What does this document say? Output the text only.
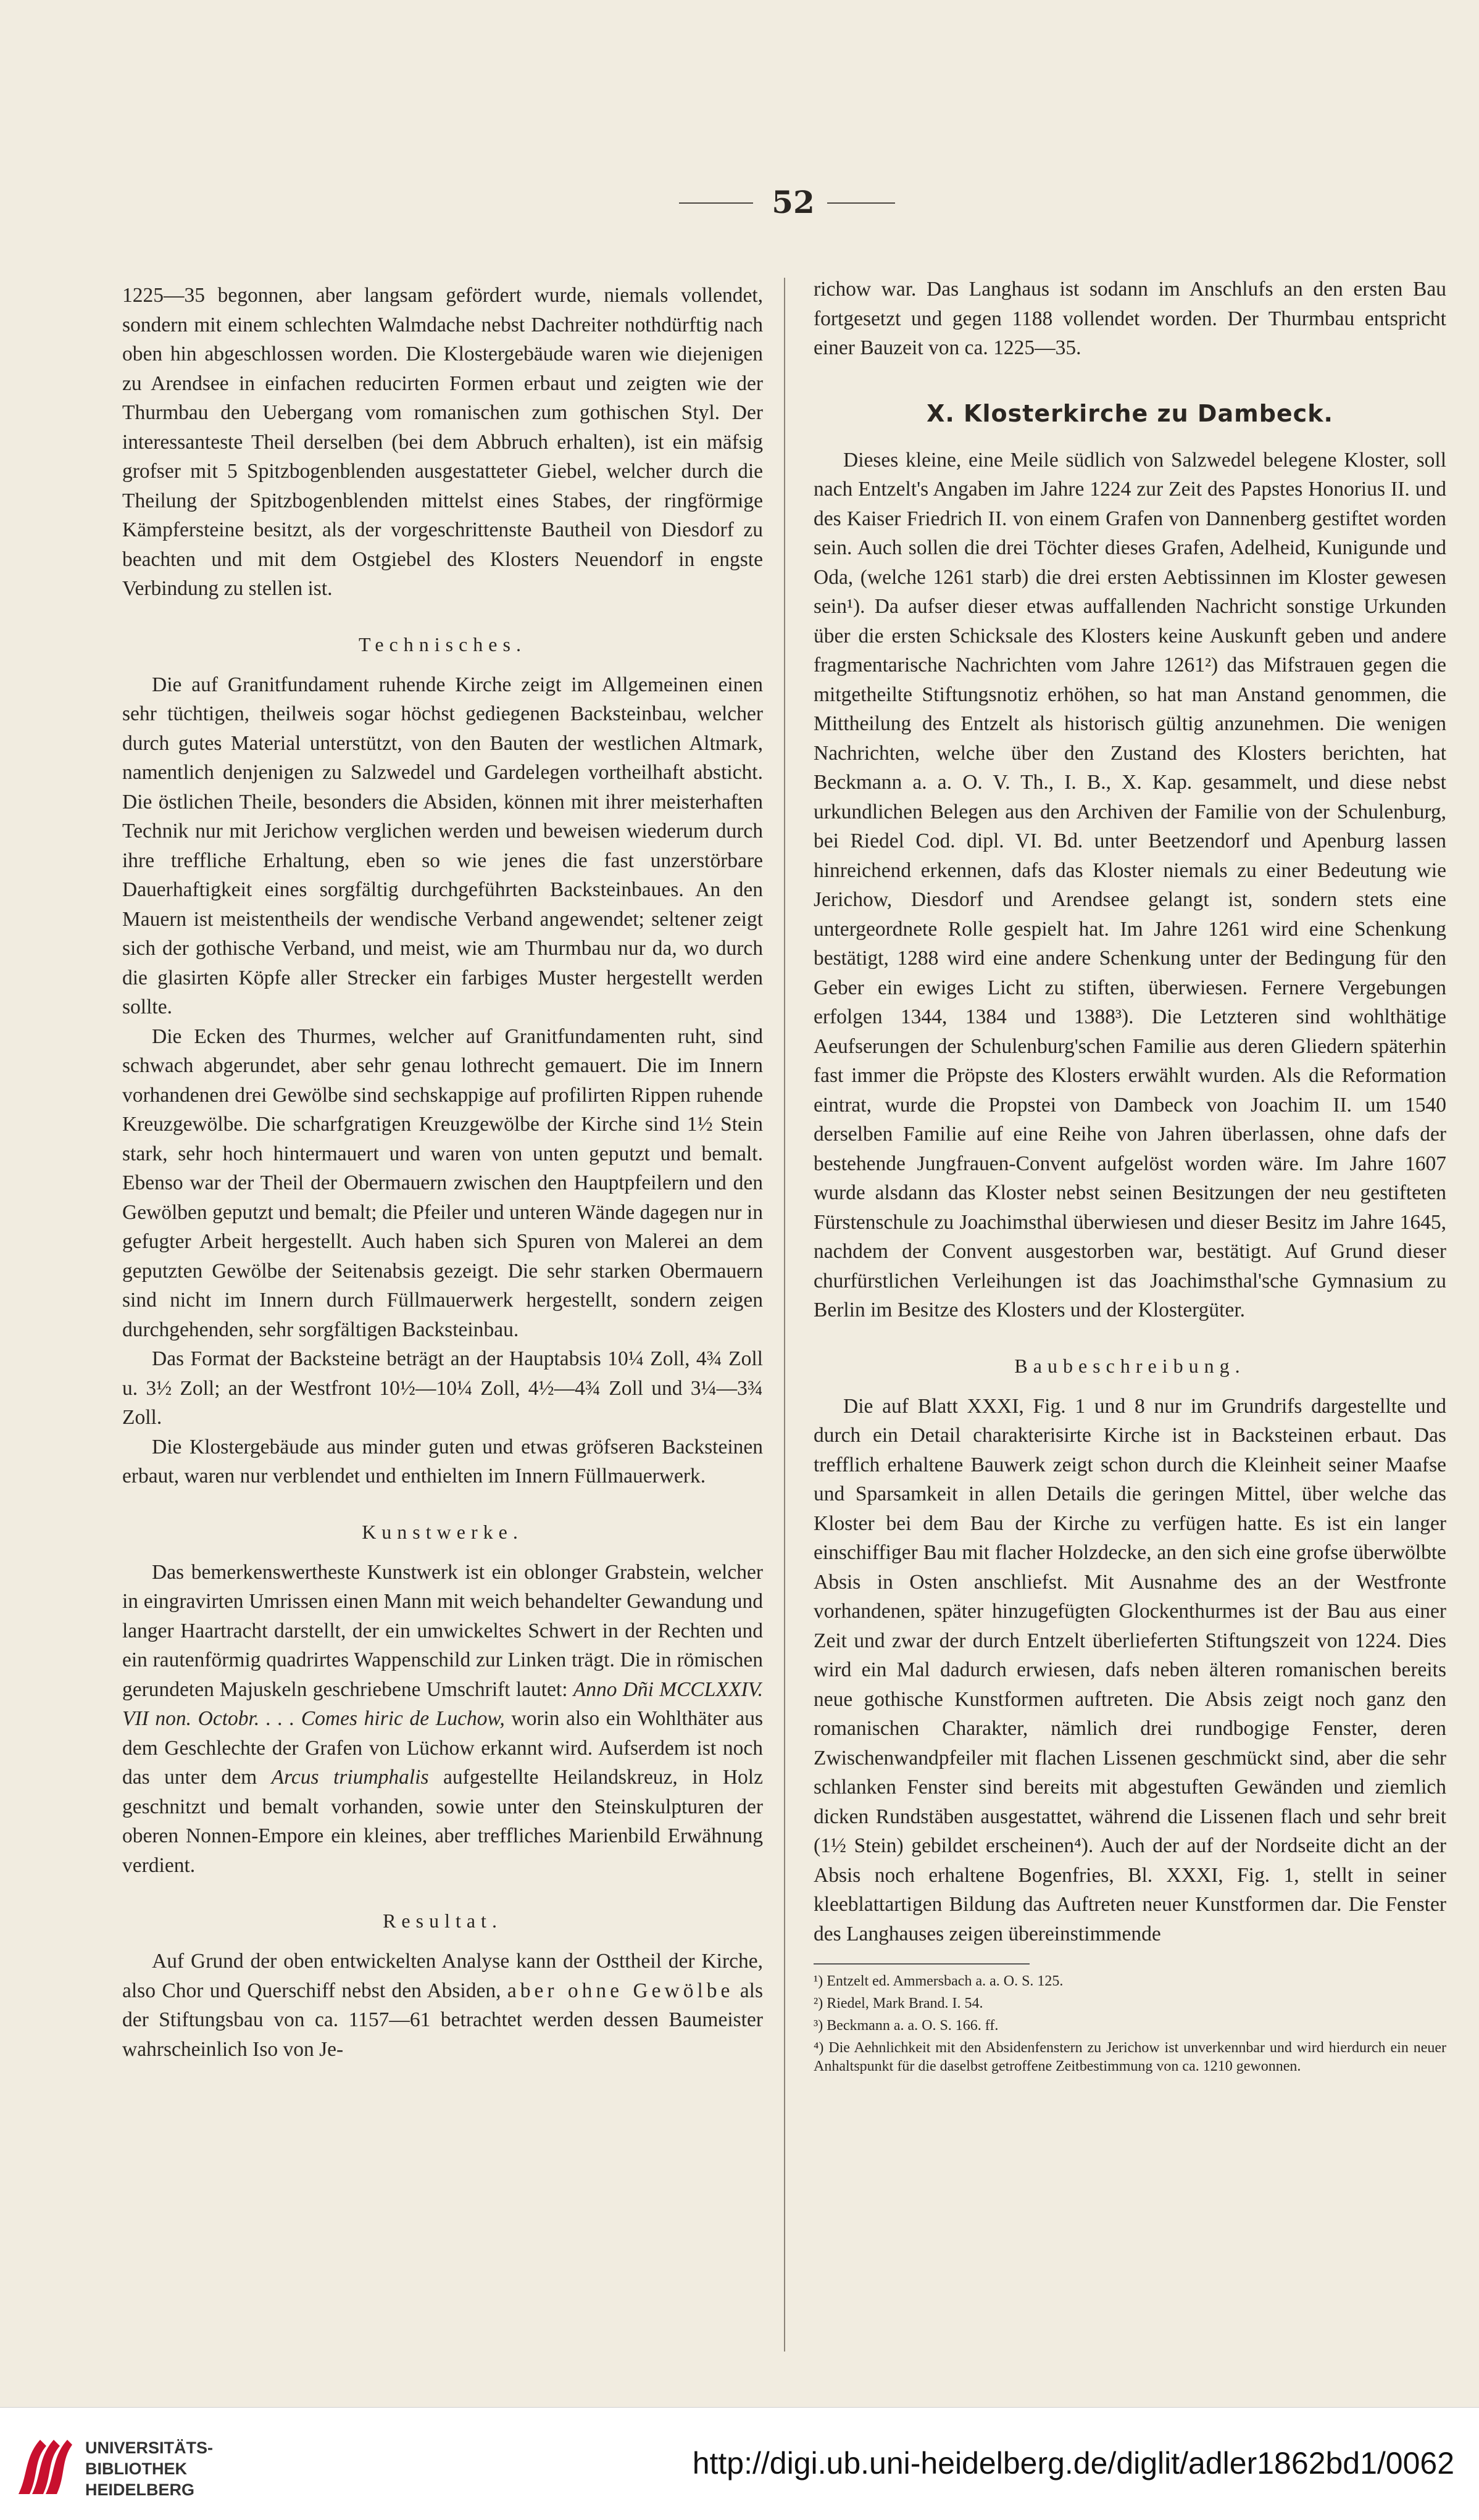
52

1225—35 begonnen, aber langsam gefördert wurde, niemals vollendet, sondern mit einem schlechten Walmdache nebst Dachreiter nothdürftig nach oben hin abgeschlossen worden. Die Klostergebäude waren wie diejenigen zu Arendsee in einfachen reducirten Formen erbaut und zeigten wie der Thurmbau den Uebergang vom romanischen zum gothischen Styl. Der interessanteste Theil derselben (bei dem Abbruch erhalten), ist ein mäfsig grofser mit 5 Spitzbogenblenden ausgestatteter Giebel, welcher durch die Theilung der Spitzbogenblenden mittelst eines Stabes, der ringförmige Kämpfersteine besitzt, als der vorgeschrittenste Bautheil von Diesdorf zu beachten und mit dem Ostgiebel des Klosters Neuendorf in engste Verbindung zu stellen ist.

Technisches.

Die auf Granitfundament ruhende Kirche zeigt im Allgemeinen einen sehr tüchtigen, theilweis sogar höchst gediegenen Backsteinbau, welcher durch gutes Material unterstützt, von den Bauten der westlichen Altmark, namentlich denjenigen zu Salzwedel und Gardelegen vortheilhaft absticht. Die östlichen Theile, besonders die Absiden, können mit ihrer meisterhaften Technik nur mit Jerichow verglichen werden und beweisen wiederum durch ihre treffliche Erhaltung, eben so wie jenes die fast unzerstörbare Dauerhaftigkeit eines sorgfältig durchgeführten Backsteinbaues. An den Mauern ist meistentheils der wendische Verband angewendet; seltener zeigt sich der gothische Verband, und meist, wie am Thurmbau nur da, wo durch die glasirten Köpfe aller Strecker ein farbiges Muster hergestellt werden sollte.

Die Ecken des Thurmes, welcher auf Granitfundamenten ruht, sind schwach abgerundet, aber sehr genau lothrecht gemauert. Die im Innern vorhandenen drei Gewölbe sind sechskappige auf profilirten Rippen ruhende Kreuzgewölbe. Die scharfgratigen Kreuzgewölbe der Kirche sind 1½ Stein stark, sehr hoch hintermauert und waren von unten geputzt und bemalt. Ebenso war der Theil der Obermauern zwischen den Hauptpfeilern und den Gewölben geputzt und bemalt; die Pfeiler und unteren Wände dagegen nur in gefugter Arbeit hergestellt. Auch haben sich Spuren von Malerei an dem geputzten Gewölbe der Seitenabsis gezeigt. Die sehr starken Obermauern sind nicht im Innern durch Füllmauerwerk hergestellt, sondern zeigen durchgehenden, sehr sorgfältigen Backsteinbau.

Das Format der Backsteine beträgt an der Hauptabsis 10¼ Zoll, 4¾ Zoll u. 3½ Zoll; an der Westfront 10½—10¼ Zoll, 4½—4¾ Zoll und 3¼—3¾ Zoll.

Die Klostergebäude aus minder guten und etwas gröfseren Backsteinen erbaut, waren nur verblendet und enthielten im Innern Füllmauerwerk.

Kunstwerke.

Das bemerkenswertheste Kunstwerk ist ein oblonger Grabstein, welcher in eingravirten Umrissen einen Mann mit weich behandelter Gewandung und langer Haartracht darstellt, der ein umwickeltes Schwert in der Rechten und ein rautenförmig quadrirtes Wappenschild zur Linken trägt. Die in römischen gerundeten Majuskeln geschriebene Umschrift lautet: Anno Dñi MCCLXXIV. VII non. Octobr. . . . Comes hiric de Luchow, worin also ein Wohlthäter aus dem Geschlechte der Grafen von Lüchow erkannt wird. Aufserdem ist noch das unter dem Arcus triumphalis aufgestellte Heilandskreuz, in Holz geschnitzt und bemalt vorhanden, sowie unter den Steinskulpturen der oberen Nonnen-Empore ein kleines, aber treffliches Marienbild Erwähnung verdient.

Resultat.

Auf Grund der oben entwickelten Analyse kann der Osttheil der Kirche, also Chor und Querschiff nebst den Absiden, aber ohne Gewölbe als der Stiftungsbau von ca. 1157—61 betrachtet werden dessen Baumeister wahrscheinlich Iso von Je-

richow war. Das Langhaus ist sodann im Anschlufs an den ersten Bau fortgesetzt und gegen 1188 vollendet worden. Der Thurmbau entspricht einer Bauzeit von ca. 1225—35.

X. Klosterkirche zu Dambeck.

Dieses kleine, eine Meile südlich von Salzwedel belegene Kloster, soll nach Entzelt's Angaben im Jahre 1224 zur Zeit des Papstes Honorius II. und des Kaiser Friedrich II. von einem Grafen von Dannenberg gestiftet worden sein. Auch sollen die drei Töchter dieses Grafen, Adelheid, Kunigunde und Oda, (welche 1261 starb) die drei ersten Aebtissinnen im Kloster gewesen sein¹). Da aufser dieser etwas auffallenden Nachricht sonstige Urkunden über die ersten Schicksale des Klosters keine Auskunft geben und andere fragmentarische Nachrichten vom Jahre 1261²) das Mifstrauen gegen die mitgetheilte Stiftungsnotiz erhöhen, so hat man Anstand genommen, die Mittheilung des Entzelt als historisch gültig anzunehmen. Die wenigen Nachrichten, welche über den Zustand des Klosters berichten, hat Beckmann a. a. O. V. Th., I. B., X. Kap. gesammelt, und diese nebst urkundlichen Belegen aus den Archiven der Familie von der Schulenburg, bei Riedel Cod. dipl. VI. Bd. unter Beetzendorf und Apenburg lassen hinreichend erkennen, dafs das Kloster niemals zu einer Bedeutung wie Jerichow, Diesdorf und Arendsee gelangt ist, sondern stets eine untergeordnete Rolle gespielt hat. Im Jahre 1261 wird eine Schenkung bestätigt, 1288 wird eine andere Schenkung unter der Bedingung für den Geber ein ewiges Licht zu stiften, überwiesen. Fernere Vergebungen erfolgen 1344, 1384 und 1388³). Die Letzteren sind wohlthätige Aeufserungen der Schulenburg'schen Familie aus deren Gliedern späterhin fast immer die Pröpste des Klosters erwählt wurden. Als die Reformation eintrat, wurde die Propstei von Dambeck von Joachim II. um 1540 derselben Familie auf eine Reihe von Jahren überlassen, ohne dafs der bestehende Jungfrauen-Convent aufgelöst worden wäre. Im Jahre 1607 wurde alsdann das Kloster nebst seinen Besitzungen der neu gestifteten Fürstenschule zu Joachimsthal überwiesen und dieser Besitz im Jahre 1645, nachdem der Convent ausgestorben war, bestätigt. Auf Grund dieser churfürstlichen Verleihungen ist das Joachimsthal'sche Gymnasium zu Berlin im Besitze des Klosters und der Klostergüter.

Baubeschreibung.

Die auf Blatt XXXI, Fig. 1 und 8 nur im Grundrifs dargestellte und durch ein Detail charakterisirte Kirche ist in Backsteinen erbaut. Das trefflich erhaltene Bauwerk zeigt schon durch die Kleinheit seiner Maafse und Sparsamkeit in allen Details die geringen Mittel, über welche das Kloster bei dem Bau der Kirche zu verfügen hatte. Es ist ein langer einschiffiger Bau mit flacher Holzdecke, an den sich eine grofse überwölbte Absis in Osten anschliefst. Mit Ausnahme des an der Westfronte vorhandenen, später hinzugefügten Glockenthurmes ist der Bau aus einer Zeit und zwar der durch Entzelt überlieferten Stiftungszeit von 1224. Dies wird ein Mal dadurch erwiesen, dafs neben älteren romanischen bereits neue gothische Kunstformen auftreten. Die Absis zeigt noch ganz den romanischen Charakter, nämlich drei rundbogige Fenster, deren Zwischenwandpfeiler mit flachen Lissenen geschmückt sind, aber die sehr schlanken Fenster sind bereits mit abgestuften Gewänden und ziemlich dicken Rundstäben ausgestattet, während die Lissenen flach und sehr breit (1½ Stein) gebildet erscheinen⁴). Auch der auf der Nordseite dicht an der Absis noch erhaltene Bogenfries, Bl. XXXI, Fig. 1, stellt in seiner kleeblattartigen Bildung das Auftreten neuer Kunstformen dar. Die Fenster des Langhauses zeigen übereinstimmende

¹) Entzelt ed. Ammersbach a. a. O. S. 125.
²) Riedel, Mark Brand. I. 54.
³) Beckmann a. a. O. S. 166. ff.
⁴) Die Aehnlichkeit mit den Absidenfenstern zu Jerichow ist unverkennbar und wird hierdurch ein neuer Anhaltspunkt für die daselbst getroffene Zeitbestimmung von ca. 1210 gewonnen.
UNIVERSITÄTS-
BIBLIOTHEK
HEIDELBERG
http://digi.ub.uni-heidelberg.de/diglit/adler1862bd1/0062
